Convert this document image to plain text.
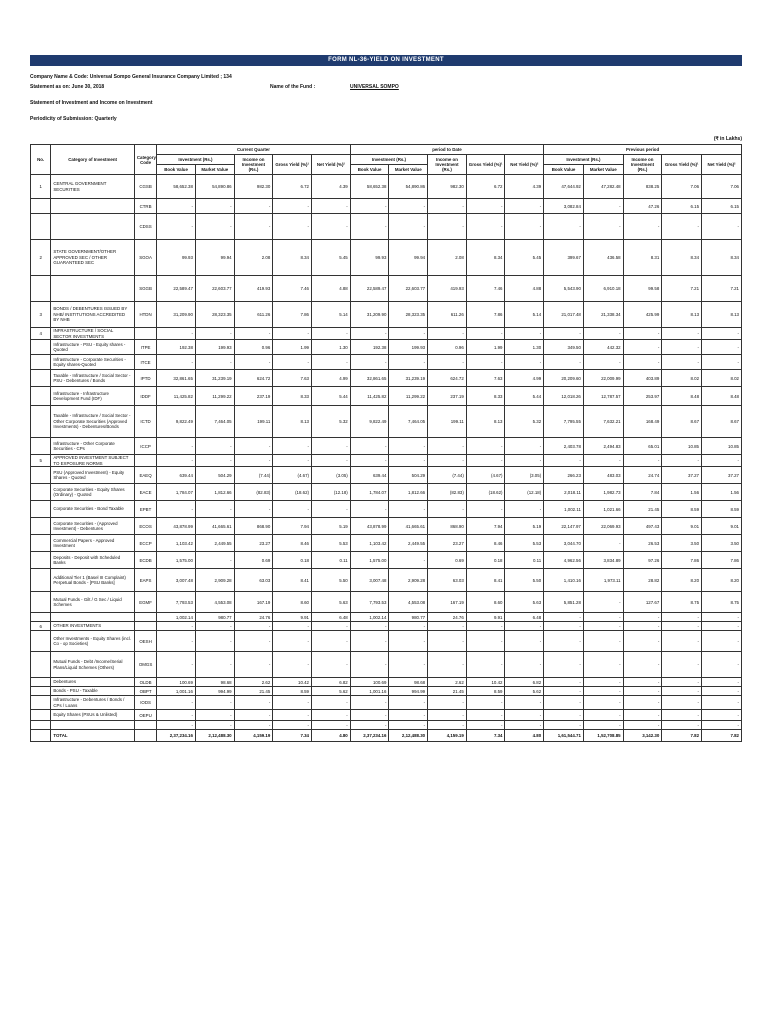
FORM NL-36-YIELD ON INVESTMENT
Company Name & Code: Universal Sompo General Insurance Company Limited ; 134
Statement as on: June 30, 2018	Name of the Fund :	UNIVERSAL SOMPO
Statement of Investment and Income on Investment
Periodicity of Submission: Quarterly
(₹ in Lakhs)
No.	Category of Investment	Category Code	Current Quarter					period to Date					Previous period				
			Investment (Rs.)		Income on Investment (Rs.)	Gross Yield (%)¹	Net Yield (%)²	Investment (Rs.)		Income on Investment (Rs.)	Gross Yield (%)¹	Net Yield (%)²	Investment (Rs.)		Income on Investment (Rs.)	Gross Yield (%)¹	Net Yield (%)²
			Book Value	Market Value				Book Value	Market Value				Book Value	Market Value			
1	CENTRAL GOVERNMENT SECURITIES	CGSB	58,652.38	54,890.86	982.30	6.72	4.39	58,652.38	54,890.86	982.30	6.72	4.39	47,644.92	47,282.48	838.25	7.06	7.06
		CTRB	-	-	-	-	-	-	-	-	-	-	3,082.84	-	47.26	6.15	6.15
		CDSS	-	-	-	-	-	-	-	-	-	-	-	-	-	-	-
2	STATE GOVERNMENT/OTHER APPROVED SEC / OTHER GUARANTEED SEC	SGOA	99.93	99.94	2.08	8.34	5.45	99.93	99.94	2.08	8.34	5.45	399.67	436.58	8.31	8.34	8.34
		SGGB	22,589.47	22,603.77	419.93	7.46	4.88	22,589.47	22,603.77	419.93	7.46	4.88	5,543.90	6,910.18	99.58	7.21	7.21
3	BONDS / DEBENTURES ISSUED BY NHB/ INSTITUTIONS ACCREDITED BY NHB	HTDN	31,209.90	28,323.35	611.26	7.86	5.14	31,209.90	28,323.35	611.26	7.86	5.14	21,017.48	21,338.34	425.99	8.13	8.13
4	INFRASTRUCTURE / SOCIAL SECTOR INVESTMENTS		-	-	-	-	-	-	-	-	-	-	-	-	-	-	-
	Infrastructure - PSU - Equity shares - Quoted	ITPE	192.38	199.93	0.96	1.99	1.30	192.38	199.93	0.96	1.99	1.30	349.50	442.32	-	-	-
	Infrastructure - Corporate Securities - Equity shares-Quoted	ITCE	-	-	-	-	-	-	-	-	-	-	-	-	-	-	-
	Taxable - Infrastructure / Social Sector - PSU - Debentures / Bonds	IPTD	32,861.65	31,239.19	624.72	7.63	4.99	32,861.65	31,239.19	624.72	7.63	4.99	20,209.60	22,009.99	403.89	8.02	8.02
	Infrastructure - Infrastructure Development Fund (IDF)	IDDF	11,425.82	11,299.22	237.19	8.33	5.44	11,425.82	11,299.22	237.19	8.33	5.44	12,018.26	12,787.57	253.97	8.48	8.48
	Taxable - Infrastructure / Social Sector - Other Corporate Securities (Approved Investments) - Debentures/Bonds	ICTD	9,822.49	7,464.05	199.11	8.13	5.32	9,822.49	7,464.05	199.11	8.13	5.32	7,795.55	7,632.21	168.49	8.67	8.67
	Infrastructure - Other Corporate Securities - CPs	ICCP	-	-	-	-	-	-	-	-	-	-	2,403.78	2,494.83	65.01	10.85	10.85
5	APPROVED INVESTMENT SUBJECT TO EXPOSURE NORMS		-	-	-	-	-	-	-	-	-	-	-	-	-	-	-
	PSU (Approved Investment) - Equity Shares - Quoted	EAEQ	639.44	504.29	(7.44)	(4.67)	(3.05)	639.44	504.29	(7.44)	(4.67)	(3.05)	266.23	483.03	24.74	37.27	37.27
	Corporate Securities - Equity Shares (Ordinary) - Quoted	EACE	1,784.07	1,812.66	(82.83)	(18.62)	(12.18)	1,784.07	1,812.66	(82.83)	(18.62)	(12.18)	2,018.11	1,982.73	7.84	1.56	1.56
	Corporate Securities - Bond Taxable	EPBT	-	-	-	-	-	-	-	-	-	-	1,002.11	1,021.66	21.45	8.59	8.59
	Corporate Securities - (Approved Investment) - Debentures	ECOS	43,878.99	41,665.61	868.90	7.94	5.19	43,878.99	41,665.61	868.90	7.94	5.19	22,147.97	22,069.93	497.43	9.01	9.01
	Commercial Papers - Approved Investment	ECCP	1,103.42	2,449.55	23.27	8.46	5.53	1,103.42	2,449.55	23.27	8.46	5.53	3,044.70	-	26.53	3.50	3.50
	Deposits - Deposit with Scheduled Banks	ECDB	1,575.00	-	0.69	0.18	0.11	1,575.00	-	0.69	0.18	0.11	4,962.56	3,834.89	97.26	7.86	7.86
	Additional Tier 1 (Basel III Complaint) Perpetual Bonds - [PSU Banks]	EAPS	3,007.48	2,909.28	63.03	8.41	5.50	3,007.48	2,909.28	63.03	8.41	5.50	1,410.16	1,973.11	28.82	8.20	8.20
	Mutual Funds - Gilt / G Sec / Liquid Schemes	EGMF	7,793.53	4,553.08	167.19	8.60	5.63	7,793.53	4,553.08	167.19	8.60	5.63	5,851.28	-	127.67	8.75	8.75
			1,002.14	980.77	24.76	9.91	6.48	1,002.14	980.77	24.76	9.91	6.48	-	-	-	-	-
6	OTHER INVESTMENTS		-	-	-	-	-	-	-	-	-	-	-	-	-	-	-
	Other Investments - Equity Shares (incl. Co - op Societies)	OESH	-	-	-	-	-	-	-	-	-	-	-	-	-	-	-
	Mutual Funds - Debt /Income/Serial Plans/Liquid Schemes (Others)	OMGS	-	-	-	-	-	-	-	-	-	-	-	-	-	-	-
	Debentures	OLDB	100.69	98.68	2.62	10.42	6.82	100.69	98.68	2.62	10.42	6.82	-	-	-	-	-
	Bonds - PSU - Taxable	OBPT	1,001.16	994.99	21.45	8.59	5.62	1,001.16	994.99	21.45	8.59	5.62	-	-	-	-	-
	Infrastructure - Debentures / Bonds / CPs / Loans	IODS	-	-	-	-	-	-	-	-	-	-	-	-	-	-	-
	Equity Shares (PSUs & Unlisted)	OEPU	-	-	-	-	-	-	-	-	-	-	-	-	-	-	-
			-	-	-	-	-	-	-	-	-	-	-	-	-	-	-
	TOTAL		2,37,234.16	2,12,488.30	4,159.19	7.34	4.80	2,37,234.16	2,12,488.30	4,159.19	7.34	4.80	1,61,544.71	1,52,708.85	3,142.30	7.82	7.82
